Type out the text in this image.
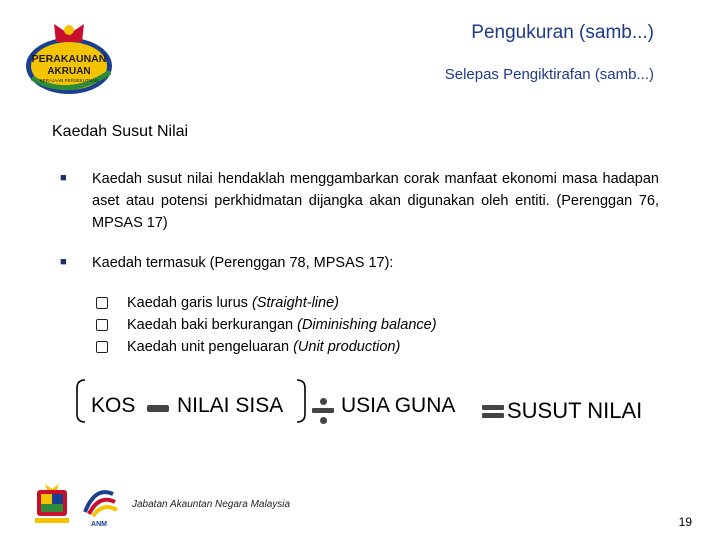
PERAKAUNAN
AKRUAN
KERAJAAN PERSEKUTUAN
Pengukuran (samb...)
Selepas Pengiktirafan (samb...)
Kaedah Susut Nilai
■ Kaedah susut nilai hendaklah menggambarkan corak manfaat ekonomi masa hadapan aset atau potensi perkhidmatan dijangka akan digunakan oleh entiti. (Perenggan 76, MPSAS 17)
■ Kaedah termasuk (Perenggan 78, MPSAS 17):
Kaedah garis lurus
(Straight-line)
Kaedah baki berkurangan
(Diminishing balance)
Kaedah unit pengeluaran
(Unit production)
KOS NILAI SISA	USIA GUNA SUSUT NILAI
ANM
Jabatan Akauntan Negara Malaysia
19
